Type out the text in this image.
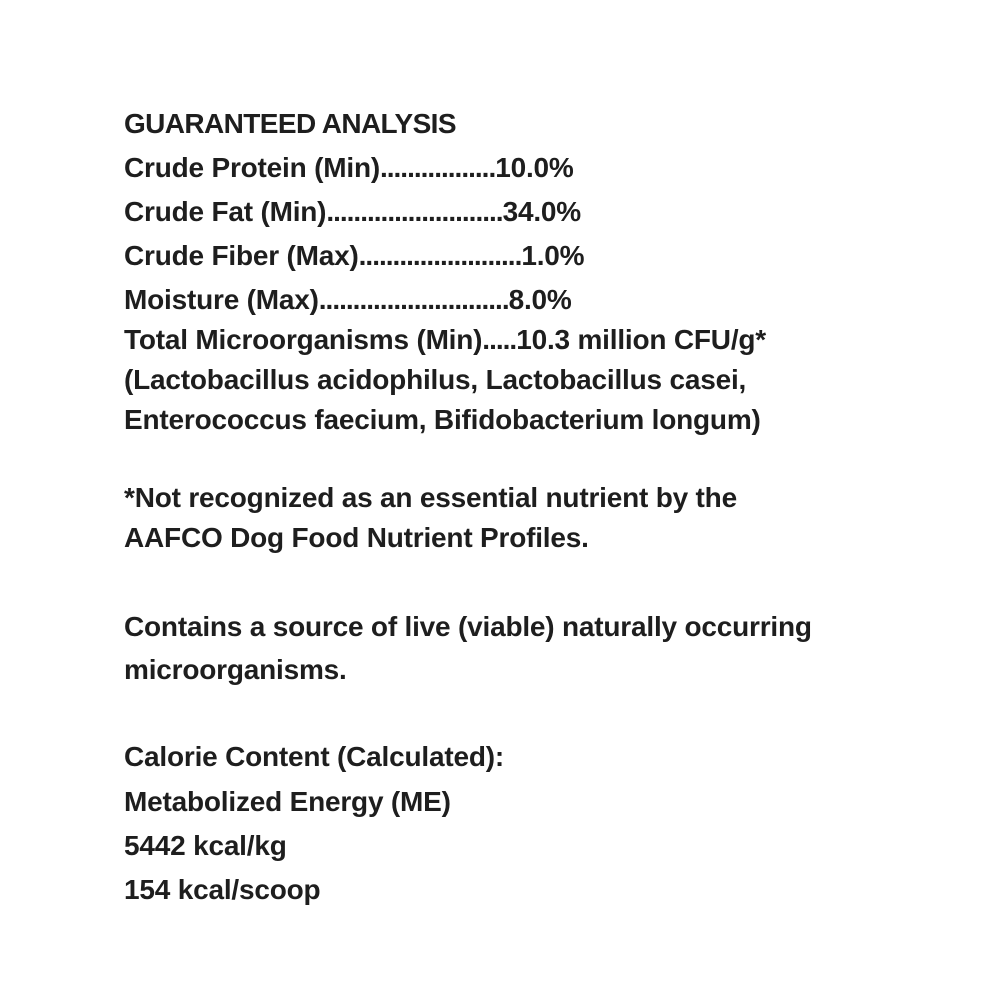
GUARANTEED ANALYSIS
Crude Protein (Min).................10.0%
Crude Fat (Min)..........................34.0%
Crude Fiber (Max)........................1.0%
Moisture (Max)............................8.0%
Total Microorganisms (Min).....10.3 million CFU/g*
(Lactobacillus acidophilus, Lactobacillus casei,
Enterococcus faecium, Bifidobacterium longum)
*Not recognized as an essential nutrient by the
AAFCO Dog Food Nutrient Profiles.
Contains a source of live (viable) naturally occurring
microorganisms.
Calorie Content (Calculated):
Metabolized Energy (ME)
5442 kcal/kg
154 kcal/scoop
